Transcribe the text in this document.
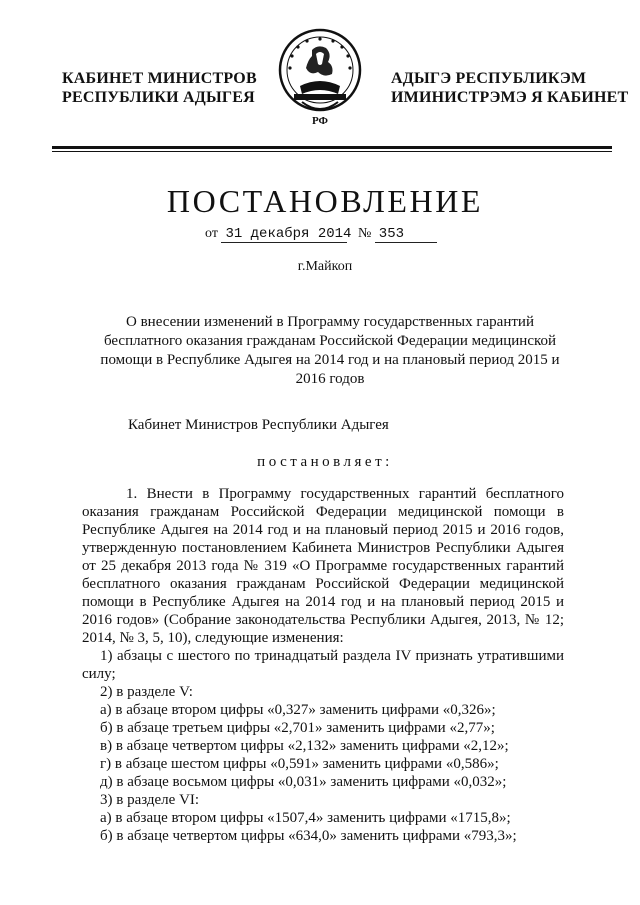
КАБИНЕТ МИНИСТРОВ
РЕСПУБЛИКИ АДЫГЕЯ
РФ
АДЫГЭ РЕСПУБЛИКЭМ
ИМИНИСТРЭМЭ Я КАБИНЕТ
ПОСТАНОВЛЕНИЕ
от 31 декабря 2014 № 353
г.Майкоп
О внесении изменений в Программу государственных гарантий бесплатного оказания гражданам Российской Федерации медицинской помощи в Республике Адыгея на 2014 год и на плановый период 2015 и 2016 годов
Кабинет Министров Республики Адыгея
постановляет:

1. Внести в Программу государственных гарантий бесплатного оказания гражданам Российской Федерации медицинской помощи в Республике Адыгея на 2014 год и на плановый период 2015 и 2016 годов, утвержденную постановлением Кабинета Министров Республики Адыгея от 25 декабря 2013 года № 319 «О Программе государственных гарантий бесплатного оказания гражданам Российской Федерации медицинской помощи в Республике Адыгея на 2014 год и на плановый период 2015 и 2016 годов» (Собрание законодательства Республики Адыгея, 2013, № 12; 2014, № 3, 5, 10), следующие изменения:

1) абзацы с шестого по тринадцатый раздела IV признать утратившими силу;

2) в разделе V:

а) в абзаце втором цифры «0,327» заменить цифрами «0,326»;

б) в абзаце третьем цифры «2,701» заменить цифрами «2,77»;

в) в абзаце четвертом цифры «2,132» заменить цифрами «2,12»;

г) в абзаце шестом цифры «0,591» заменить цифрами «0,586»;

д) в абзаце восьмом цифры «0,031» заменить цифрами «0,032»;

3) в разделе VI:

а) в абзаце втором цифры «1507,4» заменить цифрами «1715,8»;

б) в абзаце четвертом цифры «634,0» заменить цифрами «793,3»;
